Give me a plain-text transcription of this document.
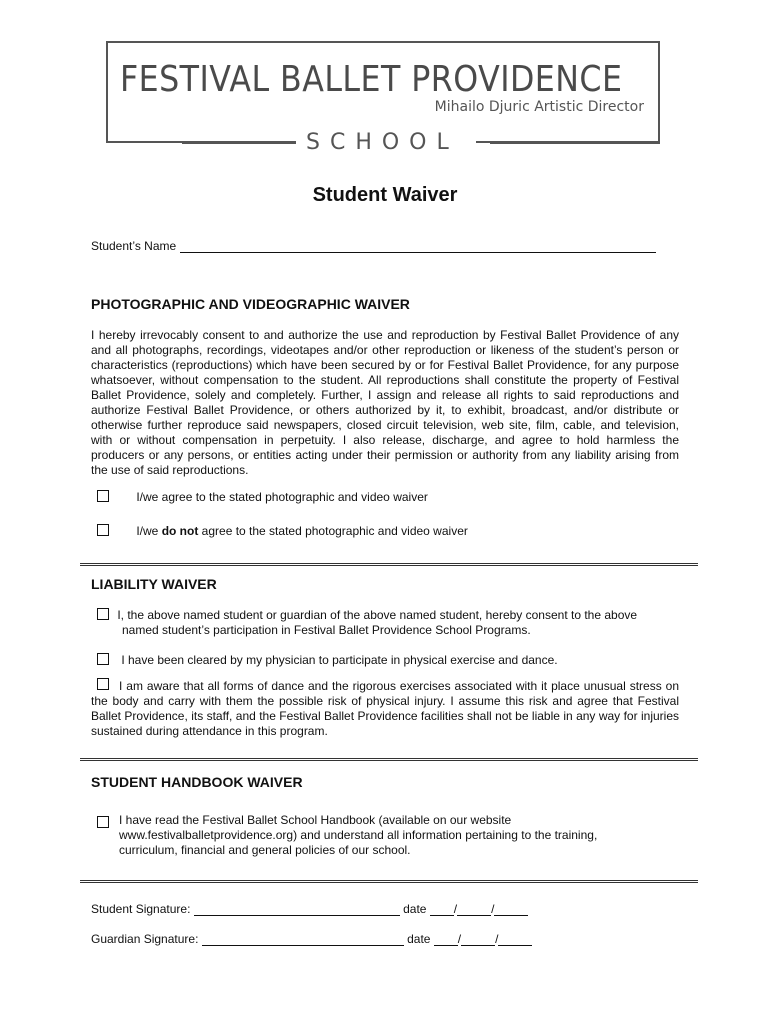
FESTIVAL BALLET PROVIDENCE
Mihailo Djuric Artistic Director
SCHOOL
Student Waiver
Student’s Name
PHOTOGRAPHIC AND VIDEOGRAPHIC WAIVER
I hereby irrevocably consent to and authorize the use and reproduction by Festival Ballet Providence of any and all photographs, recordings, videotapes and/or other reproduction or likeness of the student’s person or characteristics (reproductions) which have been secured by or for Festival Ballet Providence, for any purpose whatsoever, without compensation to the student. All reproductions shall constitute the property of Festival Ballet Providence, solely and completely. Further, I assign and release all rights to said reproductions and authorize Festival Ballet Providence, or others authorized by it, to exhibit, broadcast, and/or distribute or otherwise further reproduce said newspapers, closed circuit television, web site, film, cable, and television, with or without compensation in perpetuity. I also release, discharge, and agree to hold harmless the producers or any persons, or entities acting under their permission or authority from any liability arising from the use of said reproductions.
I/we agree to the stated photographic and video waiver
I/we do not agree to the stated photographic and video waiver
LIABILITY WAIVER
I, the above named student or guardian of the above named student, hereby consent to the above
named student’s participation in Festival Ballet Providence School Programs.
I have been cleared by my physician to participate in physical exercise and dance.
I am aware that all forms of dance and the rigorous exercises associated with it place unusual stress on the body and carry with them the possible risk of physical injury. I assume this risk and agree that Festival Ballet Providence, its staff, and the Festival Ballet Providence facilities shall not be liable in any way for injuries sustained during attendance in this program.
STUDENT HANDBOOK WAIVER
I have read the Festival Ballet School Handbook (available on our website
www.festivalballetprovidence.org) and understand all information pertaining to the training,
curriculum, financial and general policies of our school.
Student Signature:	date /	/
Guardian Signature:	date /	/
